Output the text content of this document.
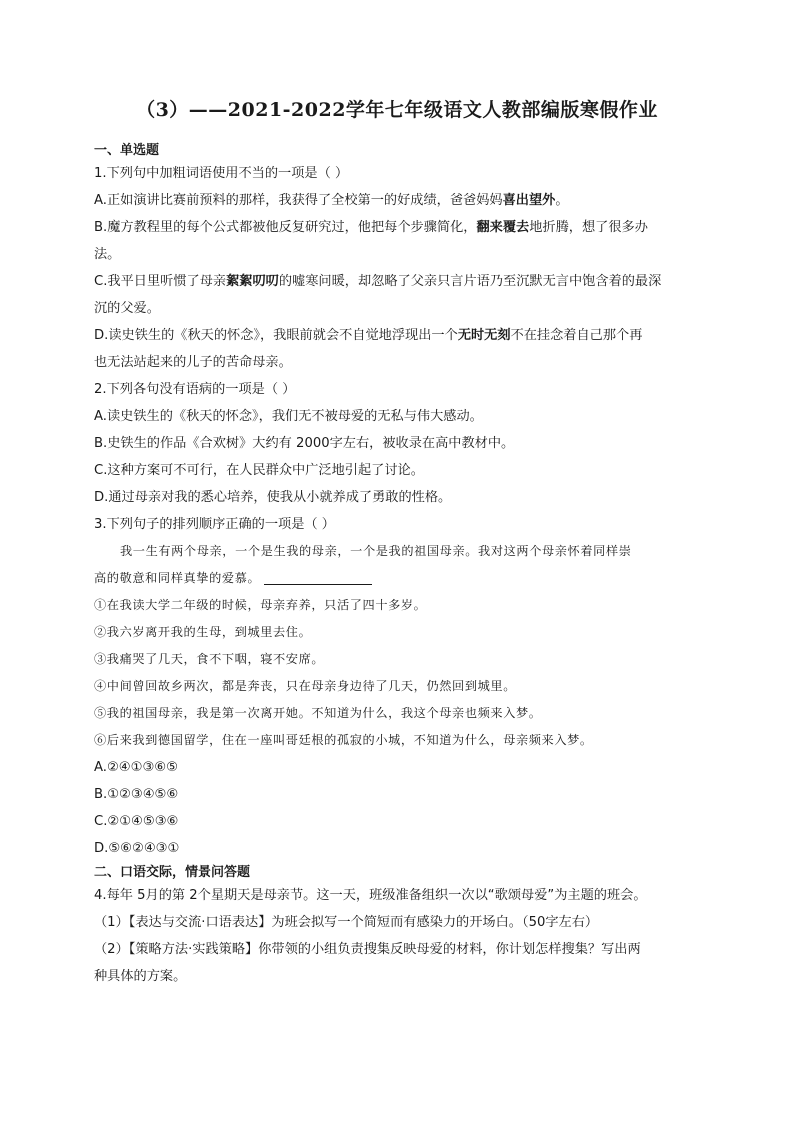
（3）——2021-2022学年七年级语文人教部编版寒假作业
一、单选题
1.下列句中加粗词语使用不当的一项是（ ）
A.正如演讲比赛前预料的那样，我获得了全校第一的好成绩，爸爸妈妈喜出望外。
B.魔方教程里的每个公式都被他反复研究过，他把每个步骤简化，翻来覆去地折腾，想了很多办
法。
C.我平日里听惯了母亲絮絮叨叨的嘘寒问暖，却忽略了父亲只言片语乃至沉默无言中饱含着的最深
沉的父爱。
D.读史铁生的《秋天的怀念》，我眼前就会不自觉地浮现出一个无时无刻不在挂念着自己那个再
也无法站起来的儿子的苦命母亲。
2.下列各句没有语病的一项是（ ）
A.读史铁生的《秋天的怀念》，我们无不被母爱的无私与伟大感动。
B.史铁生的作品《合欢树》大约有 2000字左右，被收录在高中教材中。
C.这种方案可不可行，在人民群众中广泛地引起了讨论。
D.通过母亲对我的悉心培养，使我从小就养成了勇敢的性格。
3.下列句子的排列顺序正确的一项是（ ）
我一生有两个母亲，一个是生我的母亲，一个是我的祖国母亲。我对这两个母亲怀着同样崇
高的敬意和同样真挚的爱慕。
①在我读大学二年级的时候，母亲弃养，只活了四十多岁。
②我六岁离开我的生母，到城里去住。
③我痛哭了几天，食不下咽，寝不安席。
④中间曾回故乡两次，都是奔丧，只在母亲身边待了几天，仍然回到城里。
⑤我的祖国母亲，我是第一次离开她。不知道为什么，我这个母亲也频来入梦。
⑥后来我到德国留学，住在一座叫哥廷根的孤寂的小城，不知道为什么，母亲频来入梦。
A.②④①③⑥⑤
B.①②③④⑤⑥
C.②①④⑤③⑥
D.⑤⑥②④③①
二、口语交际，情景问答题
4.每年 5月的第 2个星期天是母亲节。这一天，班级准备组织一次以“歌颂母爱”为主题的班会。
（1）【表达与交流·口语表达】为班会拟写一个简短而有感染力的开场白。（50字左右）
（2）【策略方法·实践策略】你带领的小组负责搜集反映母爱的材料，你计划怎样搜集？写出两
种具体的方案。
